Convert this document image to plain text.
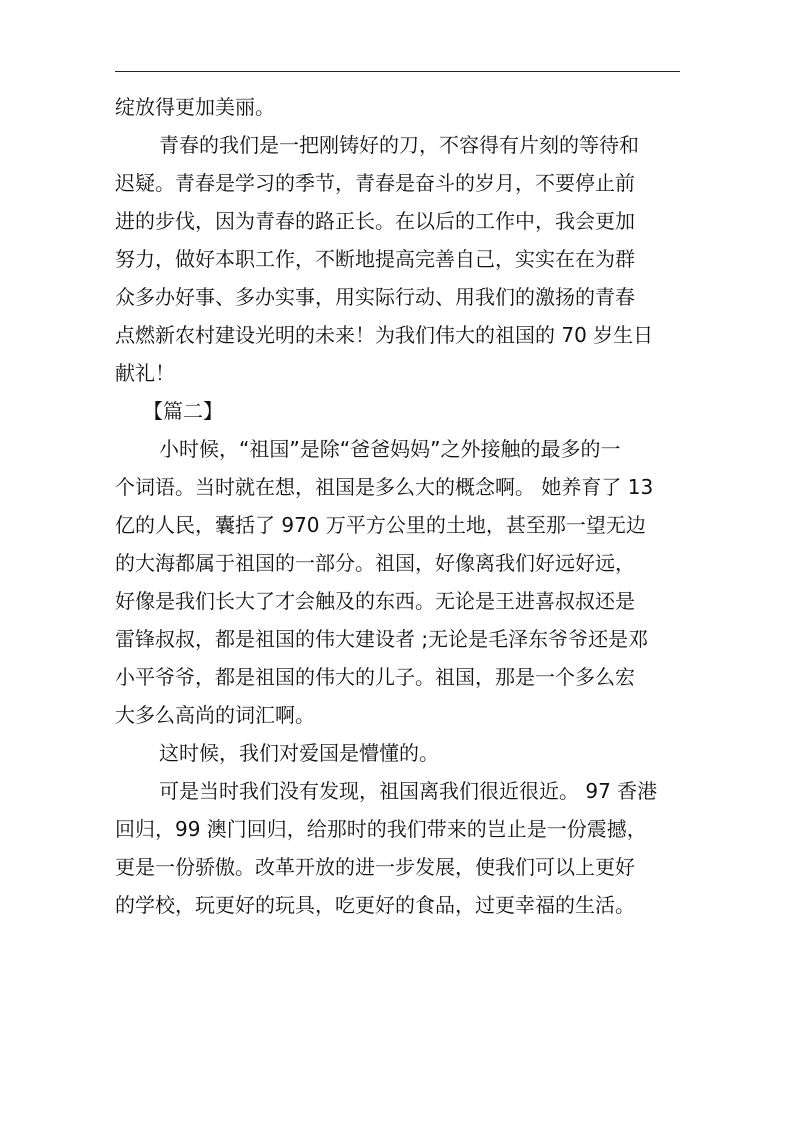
绽放得更加美丽。
青春的我们是一把刚铸好的刀，不容得有片刻的等待和
迟疑。青春是学习的季节，青春是奋斗的岁月，不要停止前
进的步伐，因为青春的路正长。在以后的工作中，我会更加
努力，做好本职工作，不断地提高完善自己，实实在在为群
众多办好事、多办实事，用实际行动、用我们的激扬的青春
点燃新农村建设光明的未来！为我们伟大的祖国的 70 岁生日
献礼！
【篇二】
小时候，“祖国”是除“爸爸妈妈”之外接触的最多的一
个词语。当时就在想，祖国是多么大的概念啊。 她养育了 13
亿的人民，囊括了 970 万平方公里的土地，甚至那一望无边
的大海都属于祖国的一部分。祖国，好像离我们好远好远，
好像是我们长大了才会触及的东西。无论是王进喜叔叔还是
雷锋叔叔，都是祖国的伟大建设者 ;无论是毛泽东爷爷还是邓
小平爷爷，都是祖国的伟大的儿子。祖国，那是一个多么宏
大多么高尚的词汇啊。
这时候，我们对爱国是懵懂的。
可是当时我们没有发现，祖国离我们很近很近。 97 香港
回归，99 澳门回归，给那时的我们带来的岂止是一份震撼，
更是一份骄傲。改革开放的进一步发展，使我们可以上更好
的学校，玩更好的玩具，吃更好的食品，过更幸福的生活。
